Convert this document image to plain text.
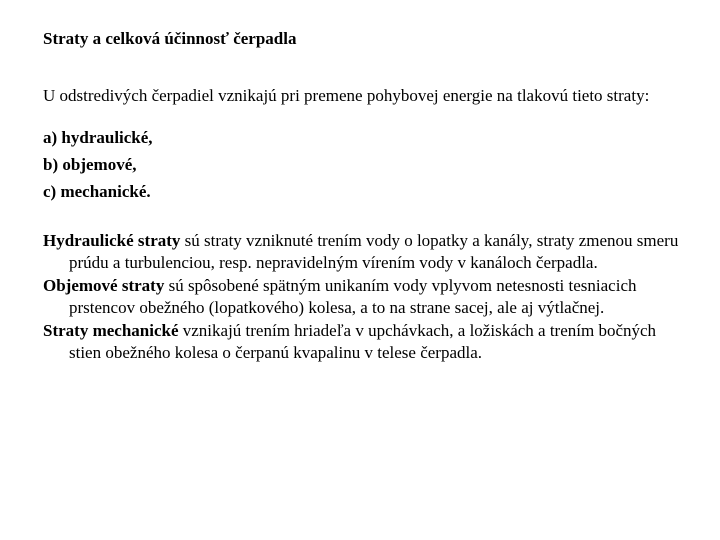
Straty a celková účinnosť čerpadla

U odstredivých čerpadiel vznikajú pri premene pohybovej energie na tlakovú tieto straty:

a) hydraulické,
b) objemové,
c) mechanické.

Hydraulické straty sú straty vzniknuté trením vody o lopatky a kanály, straty zmenou smeru prúdu a turbulenciou, resp. nepravidelným vírením vody v kanáloch čerpadla.

Objemové straty sú spôsobené spätným unikaním vody vplyvom netesnosti tesniacich prstencov obežného (lopatkového) kolesa, a to na strane sacej, ale aj výtlačnej.

Straty mechanické vznikajú trením hriadeľa v upchávkach, a ložiskách a trením bočných stien obežného kolesa o čerpanú kvapalinu v telese čerpadla.
